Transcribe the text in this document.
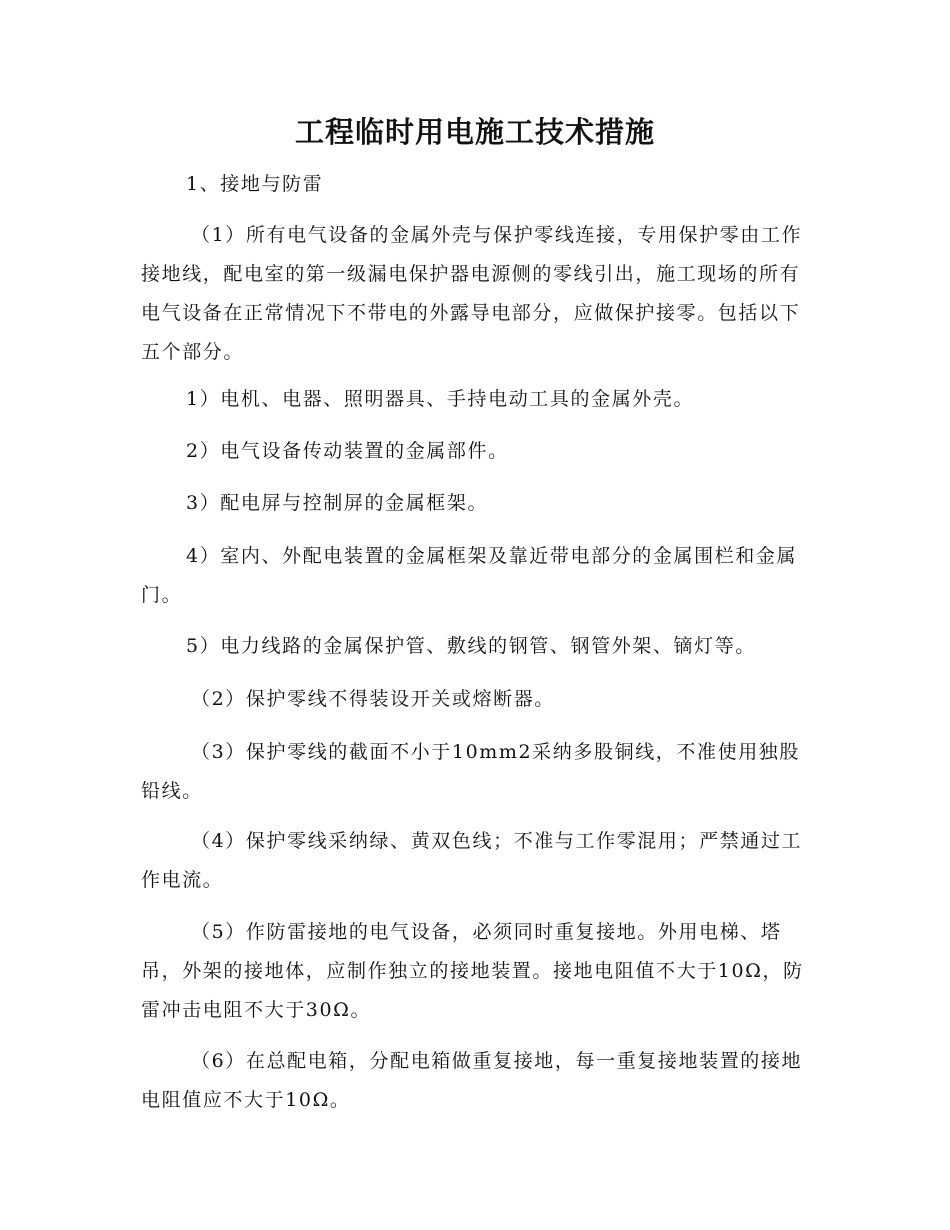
工程临时用电施工技术措施

1、接地与防雷

（1）所有电气设备的金属外壳与保护零线连接，专用保护零由工作接地线，配电室的第一级漏电保护器电源侧的零线引出，施工现场的所有电气设备在正常情况下不带电的外露导电部分，应做保护接零。包括以下五个部分。

1）电机、电器、照明器具、手持电动工具的金属外壳。

2）电气设备传动装置的金属部件。

3）配电屏与控制屏的金属框架。

4）室内、外配电装置的金属框架及靠近带电部分的金属围栏和金属门。

5）电力线路的金属保护管、敷线的钢管、钢管外架、镝灯等。

（2）保护零线不得装设开关或熔断器。

（3）保护零线的截面不小于10mm2采纳多股铜线，不准使用独股铅线。

（4）保护零线采纳绿、黄双色线；不准与工作零混用；严禁通过工作电流。

（5）作防雷接地的电气设备，必须同时重复接地。外用电梯、塔吊，外架的接地体，应制作独立的接地装置。接地电阻值不大于10Ω，防雷冲击电阻不大于30Ω。

（6）在总配电箱，分配电箱做重复接地，每一重复接地装置的接地电阻值应不大于10Ω。
